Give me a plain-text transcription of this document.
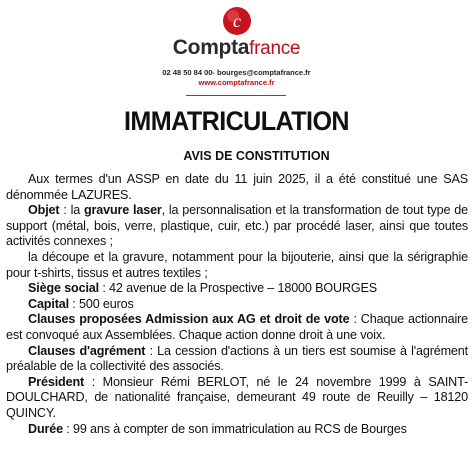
c
Comptafrance
02 48 50 84 00- bourges@comptafrance.fr
www.comptafrance.fr
IMMATRICULATION
AVIS DE CONSTITUTION

Aux termes d'un ASSP en date du 11 juin 2025, il a été constitué une SAS dénommée LAZURES.

Objet : la gravure laser, la personnalisation et la transformation de tout type de support (métal, bois, verre, plastique, cuir, etc.) par procédé laser, ainsi que toutes activités connexes ;

la découpe et la gravure, notamment pour la bijouterie, ainsi que la sérigraphie pour t-shirts, tissus et autres textiles ;

Siège social : 42 avenue de la Prospective – 18000 BOURGES

Capital : 500 euros

Clauses proposées Admission aux AG et droit de vote : Chaque actionnaire est convoqué aux Assemblées. Chaque action donne droit à une voix.

Clauses d'agrément : La cession d'actions à un tiers est soumise à l'agrément préalable de la collectivité des associés.

Président : Monsieur Rémi BERLOT, né le 24 novembre 1999 à SAINT-DOULCHARD, de nationalité française, demeurant 49 route de Reuilly – 18120 QUINCY.

Durée : 99 ans à compter de son immatriculation au RCS de Bourges
